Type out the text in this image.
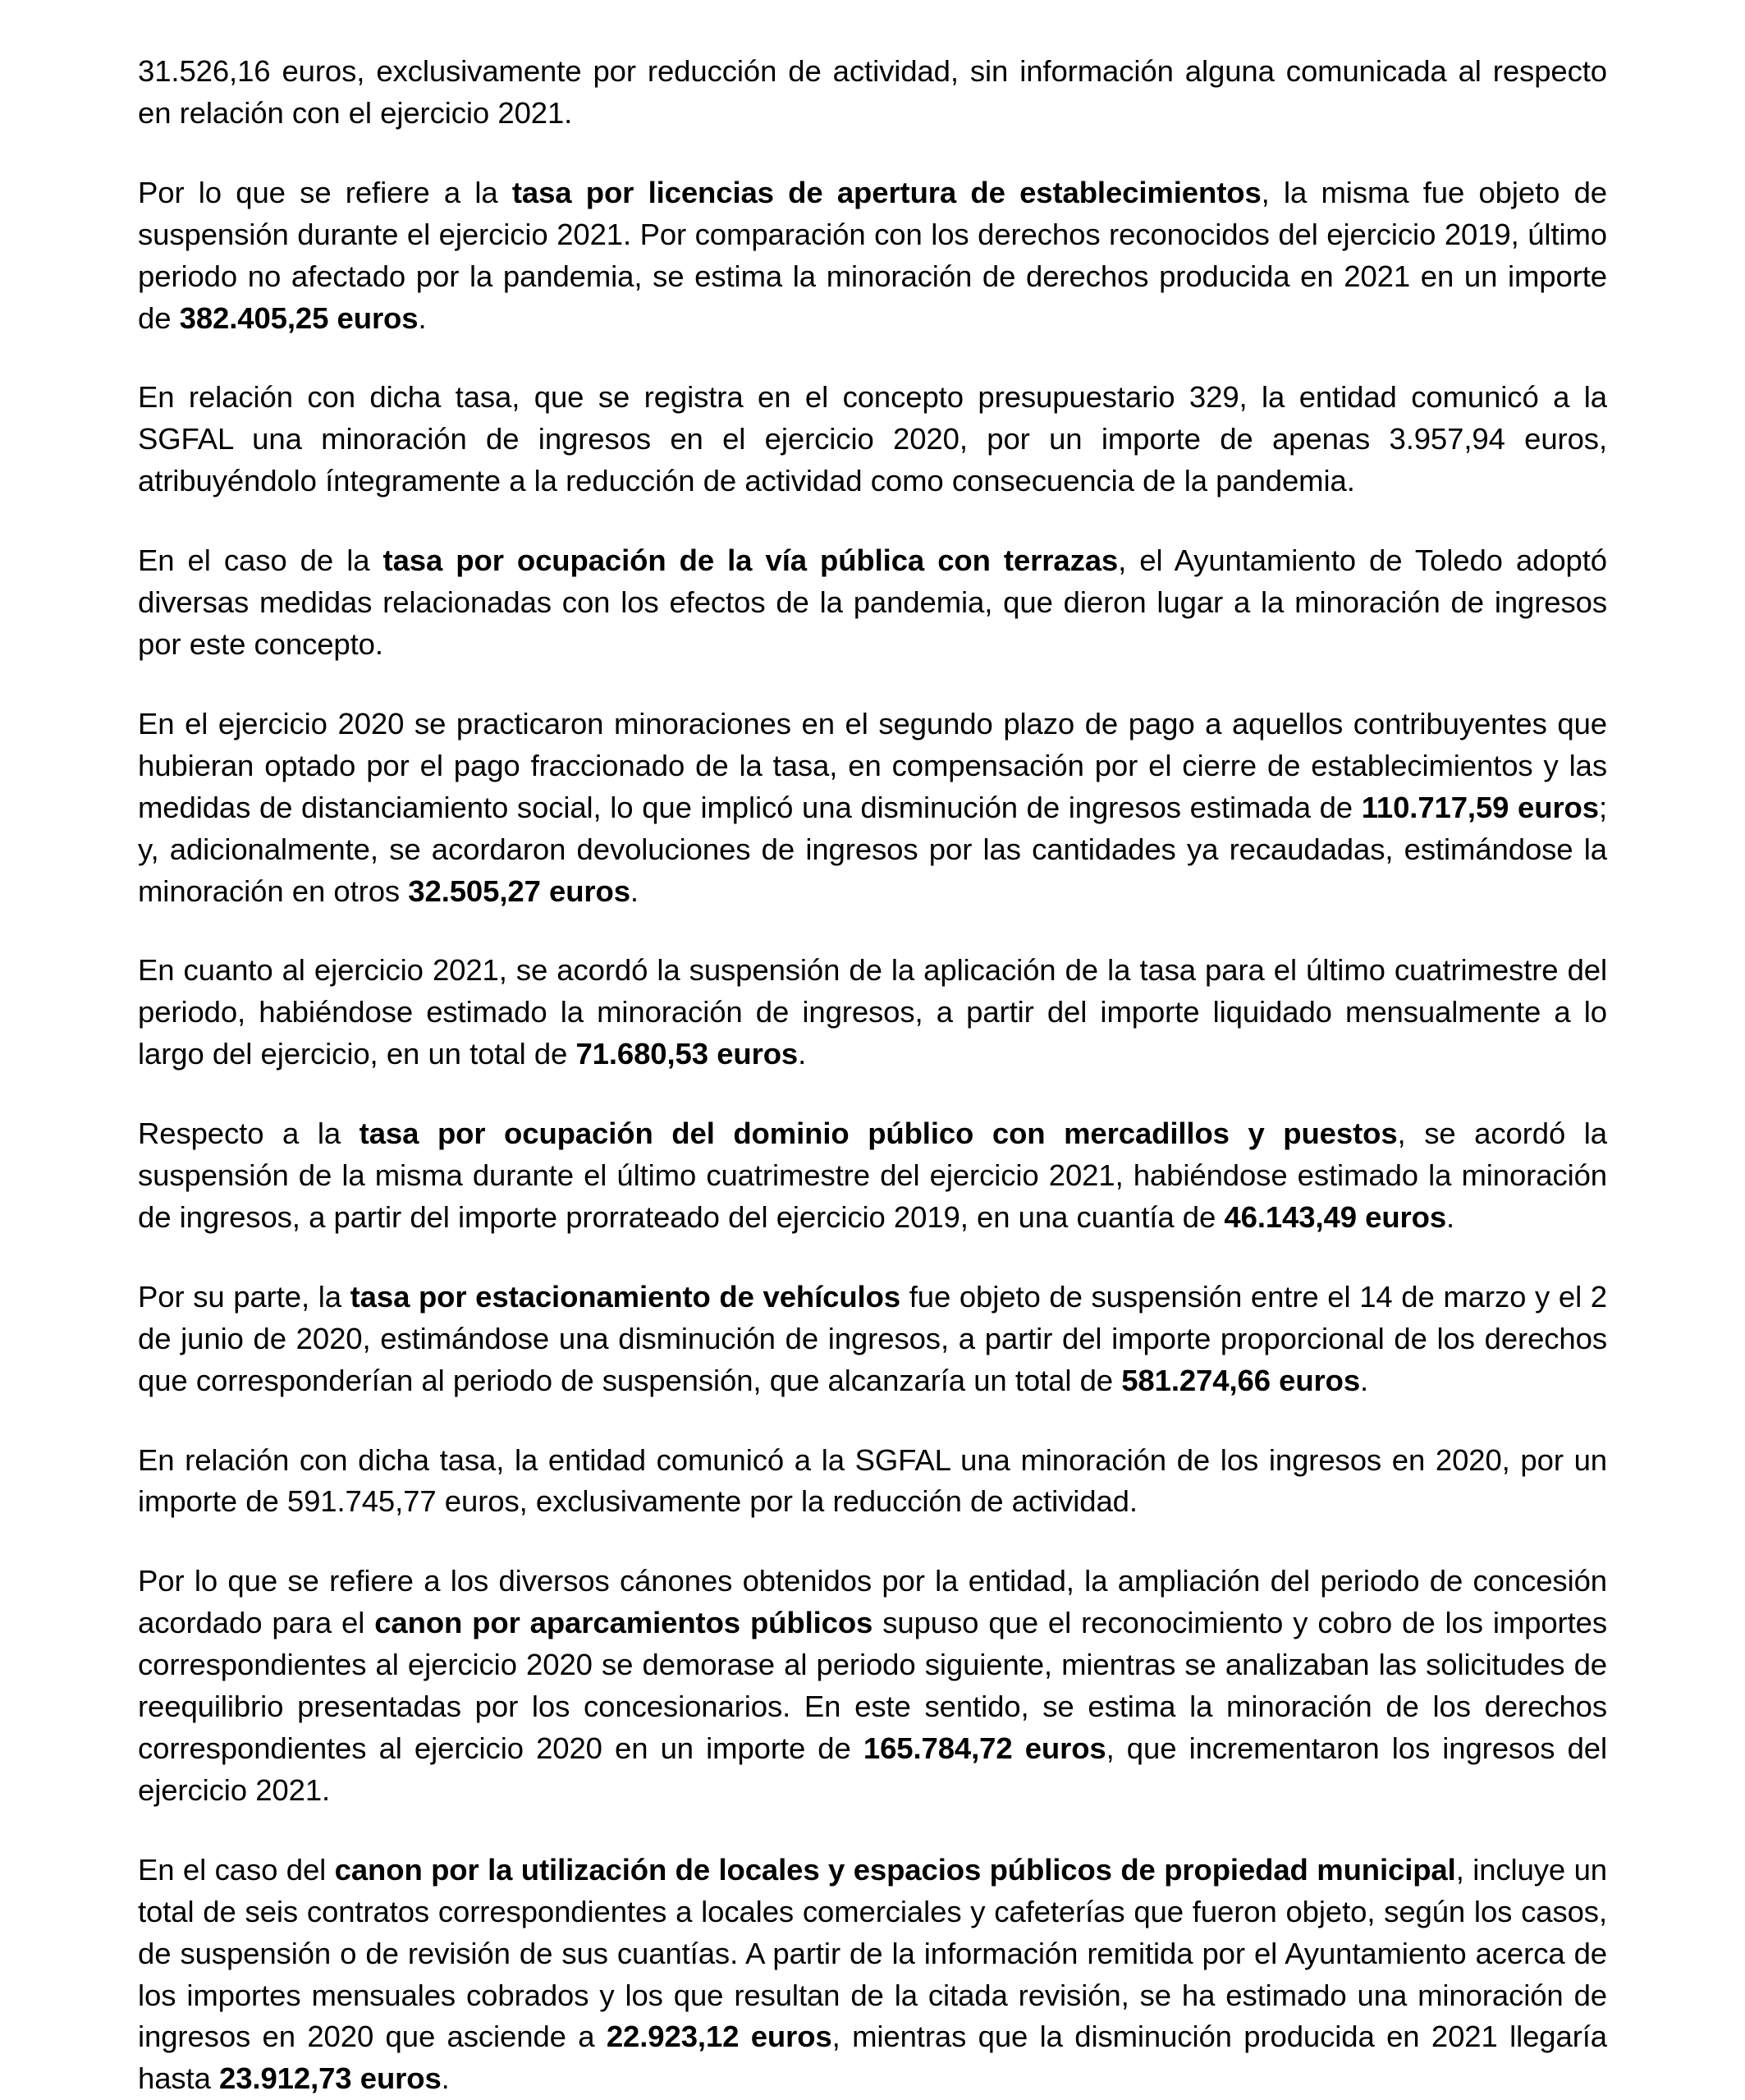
31.526,16 euros, exclusivamente por reducción de actividad, sin información alguna comunicada al respecto en relación con el ejercicio 2021.

Por lo que se refiere a la tasa por licencias de apertura de establecimientos, la misma fue objeto de suspensión durante el ejercicio 2021. Por comparación con los derechos reconocidos del ejercicio 2019, último periodo no afectado por la pandemia, se estima la minoración de derechos producida en 2021 en un importe de 382.405,25 euros.

En relación con dicha tasa, que se registra en el concepto presupuestario 329, la entidad comunicó a la SGFAL una minoración de ingresos en el ejercicio 2020, por un importe de apenas 3.957,94 euros, atribuyéndolo íntegramente a la reducción de actividad como consecuencia de la pandemia.

En el caso de la tasa por ocupación de la vía pública con terrazas, el Ayuntamiento de Toledo adoptó diversas medidas relacionadas con los efectos de la pandemia, que dieron lugar a la minoración de ingresos por este concepto.

En el ejercicio 2020 se practicaron minoraciones en el segundo plazo de pago a aquellos contribuyentes que hubieran optado por el pago fraccionado de la tasa, en compensación por el cierre de establecimientos y las medidas de distanciamiento social, lo que implicó una disminución de ingresos estimada de 110.717,59 euros; y, adicionalmente, se acordaron devoluciones de ingresos por las cantidades ya recaudadas, estimándose la minoración en otros 32.505,27 euros.

En cuanto al ejercicio 2021, se acordó la suspensión de la aplicación de la tasa para el último cuatrimestre del periodo, habiéndose estimado la minoración de ingresos, a partir del importe liquidado mensualmente a lo largo del ejercicio, en un total de 71.680,53 euros.

Respecto a la tasa por ocupación del dominio público con mercadillos y puestos, se acordó la suspensión de la misma durante el último cuatrimestre del ejercicio 2021, habiéndose estimado la minoración de ingresos, a partir del importe prorrateado del ejercicio 2019, en una cuantía de 46.143,49 euros.

Por su parte, la tasa por estacionamiento de vehículos fue objeto de suspensión entre el 14 de marzo y el 2 de junio de 2020, estimándose una disminución de ingresos, a partir del importe proporcional de los derechos que corresponderían al periodo de suspensión, que alcanzaría un total de 581.274,66 euros.

En relación con dicha tasa, la entidad comunicó a la SGFAL una minoración de los ingresos en 2020, por un importe de 591.745,77 euros, exclusivamente por la reducción de actividad.

Por lo que se refiere a los diversos cánones obtenidos por la entidad, la ampliación del periodo de concesión acordado para el canon por aparcamientos públicos supuso que el reconocimiento y cobro de los importes correspondientes al ejercicio 2020 se demorase al periodo siguiente, mientras se analizaban las solicitudes de reequilibrio presentadas por los concesionarios. En este sentido, se estima la minoración de los derechos correspondientes al ejercicio 2020 en un importe de 165.784,72 euros, que incrementaron los ingresos del ejercicio 2021.

En el caso del canon por la utilización de locales y espacios públicos de propiedad municipal, incluye un total de seis contratos correspondientes a locales comerciales y cafeterías que fueron objeto, según los casos, de suspensión o de revisión de sus cuantías. A partir de la información remitida por el Ayuntamiento acerca de los importes mensuales cobrados y los que resultan de la citada revisión, se ha estimado una minoración de ingresos en 2020 que asciende a 22.923,12 euros, mientras que la disminución producida en 2021 llegaría hasta 23.912,73 euros.
